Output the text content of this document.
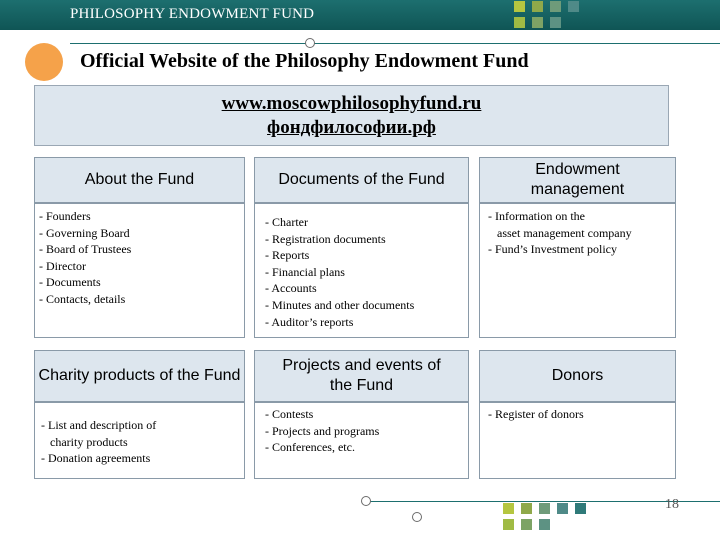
PHILOSOPHY ENDOWMENT FUND
Official Website of the Philosophy Endowment Fund
www.moscowphilosophyfund.ru
фондфилософии.рф
About the Fund	Documents of the Fund
Endowment management
- Founders
- Governing Board
- Board of Trustees
- Director
- Documents
- Contacts, details
- Charter
- Registration documents
- Reports
- Financial plans
- Accounts
- Minutes and other documents
- Auditor’s reports
- Information on the
asset management company
- Fund’s Investment policy
Charity products of the Fund
Projects and events of the Fund
Donors
- List and description of
charity products
- Donation agreements
- Contests
- Projects and programs
- Conferences, etc.
- Register of donors
18
